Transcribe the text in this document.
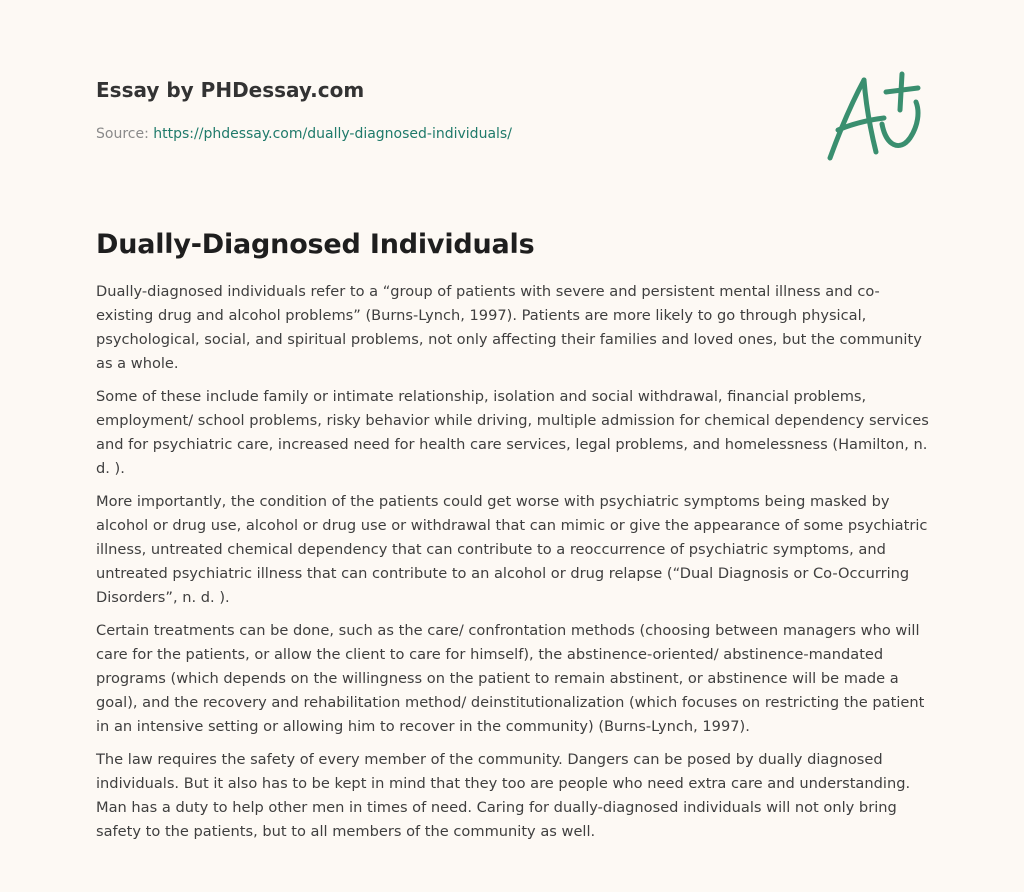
Essay by PHDessay.com
Source: https://phdessay.com/dually-diagnosed-individuals/
Dually-Diagnosed Individuals

Dually-diagnosed individuals refer to a “group of patients with severe and persistent mental illness and co-existing drug and alcohol problems” (Burns-Lynch, 1997). Patients are more likely to go through physical, psychological, social, and spiritual problems, not only affecting their families and loved ones, but the community as a whole.

Some of these include family or intimate relationship, isolation and social withdrawal, financial problems, employment/ school problems, risky behavior while driving, multiple admission for chemical dependency services and for psychiatric care, increased need for health care services, legal problems, and homelessness (Hamilton, n. d. ).

More importantly, the condition of the patients could get worse with psychiatric symptoms being masked by alcohol or drug use, alcohol or drug use or withdrawal that can mimic or give the appearance of some psychiatric illness, untreated chemical dependency that can contribute to a reoccurrence of psychiatric symptoms, and untreated psychiatric illness that can contribute to an alcohol or drug relapse (“Dual Diagnosis or Co-Occurring Disorders”, n. d. ).

Certain treatments can be done, such as the care/ confrontation methods (choosing between managers who will care for the patients, or allow the client to care for himself), the abstinence-oriented/ abstinence-mandated programs (which depends on the willingness on the patient to remain abstinent, or abstinence will be made a goal), and the recovery and rehabilitation method/ deinstitutionalization (which focuses on restricting the patient in an intensive setting or allowing him to recover in the community) (Burns-Lynch, 1997).

The law requires the safety of every member of the community. Dangers can be posed by dually diagnosed individuals. But it also has to be kept in mind that they too are people who need extra care and understanding. Man has a duty to help other men in times of need. Caring for dually-diagnosed individuals will not only bring safety to the patients, but to all members of the community as well.
